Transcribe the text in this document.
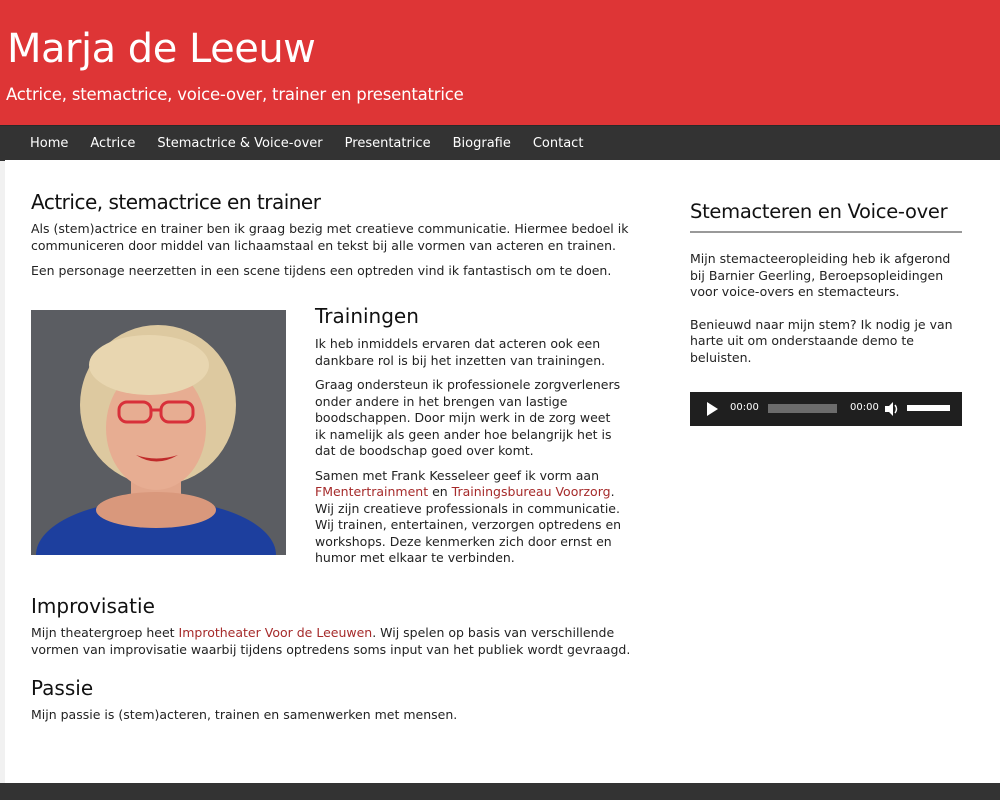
Marja de Leeuw
Actrice, stemactrice, voice-over, trainer en presentatrice
Home	Actrice	Stemactrice & Voice-over	Presentatrice	Biografie	Contact
Actrice, stemactrice en trainer

Als (stem)actrice en trainer ben ik graag bezig met creatieve communicatie. Hiermee bedoel ik communiceren door middel van lichaamstaal en tekst bij alle vormen van acteren en trainen.

Een personage neerzetten in een scene tijdens een optreden vind ik fantastisch om te doen.

Trainingen

Ik heb inmiddels ervaren dat acteren ook een dankbare rol is bij het inzetten van trainingen.

Graag ondersteun ik professionele zorgverleners onder andere in het brengen van lastige boodschappen. Door mijn werk in de zorg weet ik namelijk als geen ander hoe belangrijk het is dat de boodschap goed over komt.

Samen met Frank Kesseleer geef ik vorm aan FMentertrainment en Trainingsbureau Voorzorg. Wij zijn creatieve professionals in communicatie. Wij trainen, entertainen, verzorgen optredens en workshops. Deze kenmerken zich door ernst en humor met elkaar te verbinden.

Improvisatie

Mijn theatergroep heet Improtheater Voor de Leeuwen. Wij spelen op basis van verschillende vormen van improvisatie waarbij tijdens optredens soms input van het publiek wordt gevraagd.

Passie

Mijn passie is (stem)acteren, trainen en samenwerken met mensen.

Stemacteren en Voice-over

Mijn stemacteeropleiding heb ik afgerond bij Barnier Geerling, Beroepsopleidingen voor voice-overs en stemacteurs.

Benieuwd naar mijn stem? Ik nodig je van harte uit om onderstaande demo te beluisten.

00:00	00:00
